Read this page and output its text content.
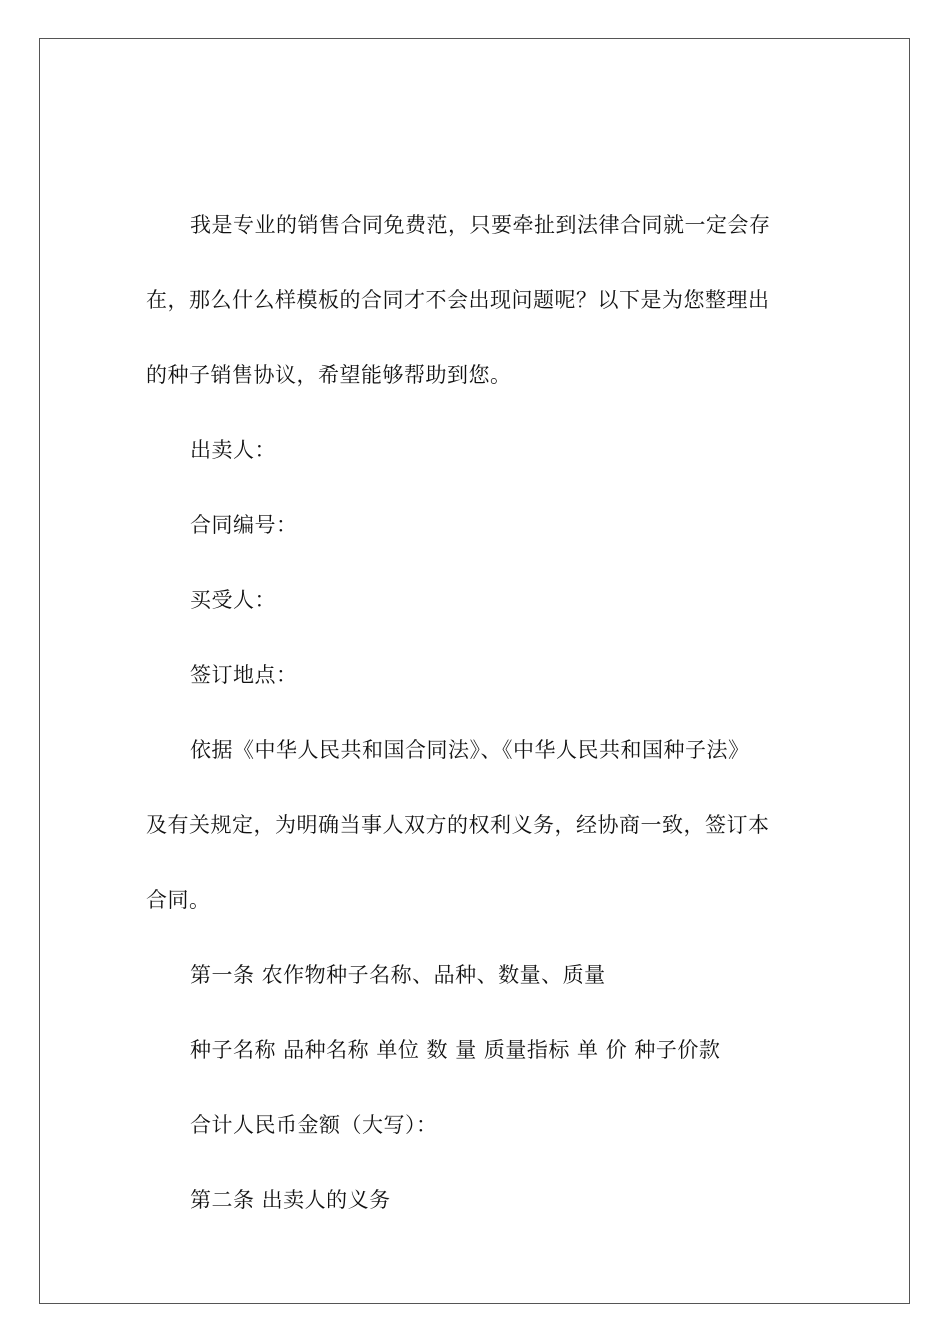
我是专业的销售合同免费范，只要牵扯到法律合同就一定会存
在，那么什么样模板的合同才不会出现问题呢？以下是为您整理出
的种子销售协议，希望能够帮助到您。
出卖人：
合同编号：
买受人：
签订地点：
依据《中华人民共和国合同法》、《中华人民共和国种子法》
及有关规定，为明确当事人双方的权利义务，经协商一致，签订本
合同。
第一条 农作物种子名称、品种、数量、质量
种子名称 品种名称 单位 数 量 质量指标 单 价 种子价款
合计人民币金额（大写）：
第二条 出卖人的义务
